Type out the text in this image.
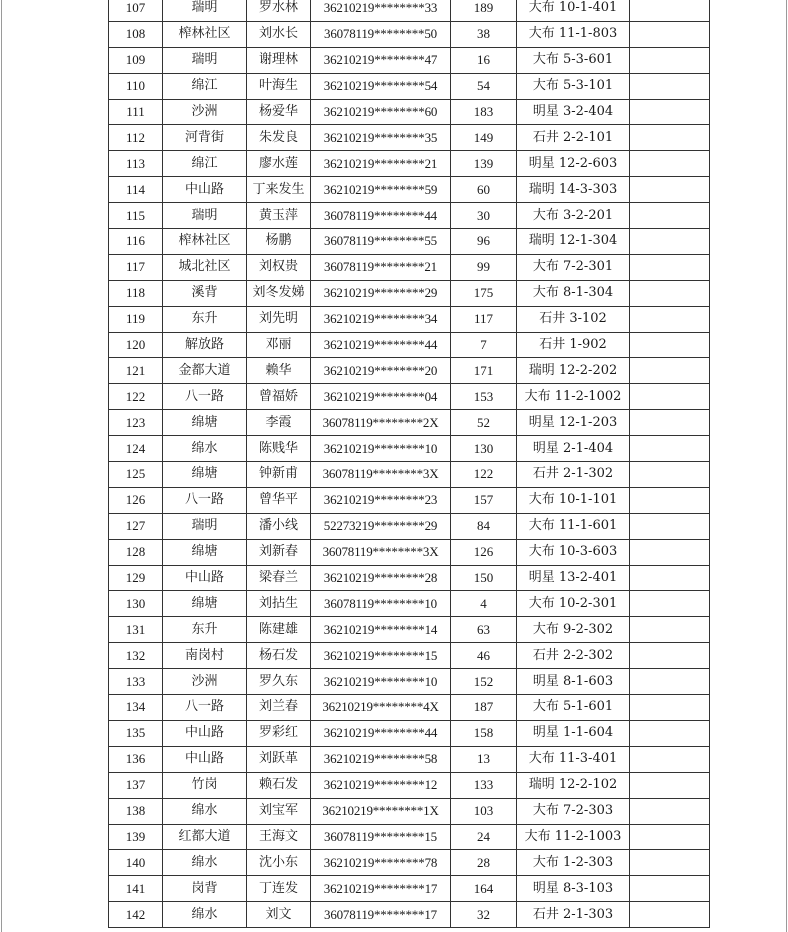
107	瑞明	罗水林	36210219********33	189	大布 10-1-401	
108	榨林社区	刘水长	36078119********50	38	大布 11-1-803	
109	瑞明	谢理林	36210219********47	16	大布 5-3-601	
110	绵江	叶海生	36210219********54	54	大布 5-3-101	
111	沙洲	杨爱华	36210219********60	183	明星 3-2-404	
112	河背街	朱发良	36210219********35	149	石井 2-2-101	
113	绵江	廖水莲	36210219********21	139	明星 12-2-603	
114	中山路	丁来发生	36210219********59	60	瑞明 14-3-303	
115	瑞明	黄玉萍	36078119********44	30	大布 3-2-201	
116	榨林社区	杨鹏	36078119********55	96	瑞明 12-1-304	
117	城北社区	刘权贵	36078119********21	99	大布 7-2-301	
118	溪背	刘冬发娣	36210219********29	175	大布 8-1-304	
119	东升	刘先明	36210219********34	117	石井 3-102	
120	解放路	邓丽	36210219********44	7	石井 1-902	
121	金都大道	赖华	36210219********20	171	瑞明 12-2-202	
122	八一路	曾福娇	36210219********04	153	大布 11-2-1002	
123	绵塘	李霞	36078119********2X	52	明星 12-1-203	
124	绵水	陈贱华	36210219********10	130	明星 2-1-404	
125	绵塘	钟新甫	36078119********3X	122	石井 2-1-302	
126	八一路	曾华平	36210219********23	157	大布 10-1-101	
127	瑞明	潘小线	52273219********29	84	大布 11-1-601	
128	绵塘	刘新春	36078119********3X	126	大布 10-3-603	
129	中山路	梁春兰	36210219********28	150	明星 13-2-401	
130	绵塘	刘拈生	36078119********10	4	大布 10-2-301	
131	东升	陈建雄	36210219********14	63	大布 9-2-302	
132	南岗村	杨石发	36210219********15	46	石井 2-2-302	
133	沙洲	罗久东	36210219********10	152	明星 8-1-603	
134	八一路	刘兰春	36210219********4X	187	大布 5-1-601	
135	中山路	罗彩红	36210219********44	158	明星 1-1-604	
136	中山路	刘跃革	36210219********58	13	大布 11-3-401	
137	竹岗	赖石发	36210219********12	133	瑞明 12-2-102	
138	绵水	刘宝军	36210219********1X	103	大布 7-2-303	
139	红都大道	王海文	36078119********15	24	大布 11-2-1003	
140	绵水	沈小东	36210219********78	28	大布 1-2-303	
141	岗背	丁连发	36210219********17	164	明星 8-3-103	
142	绵水	刘文	36078119********17	32	石井 2-1-303	
